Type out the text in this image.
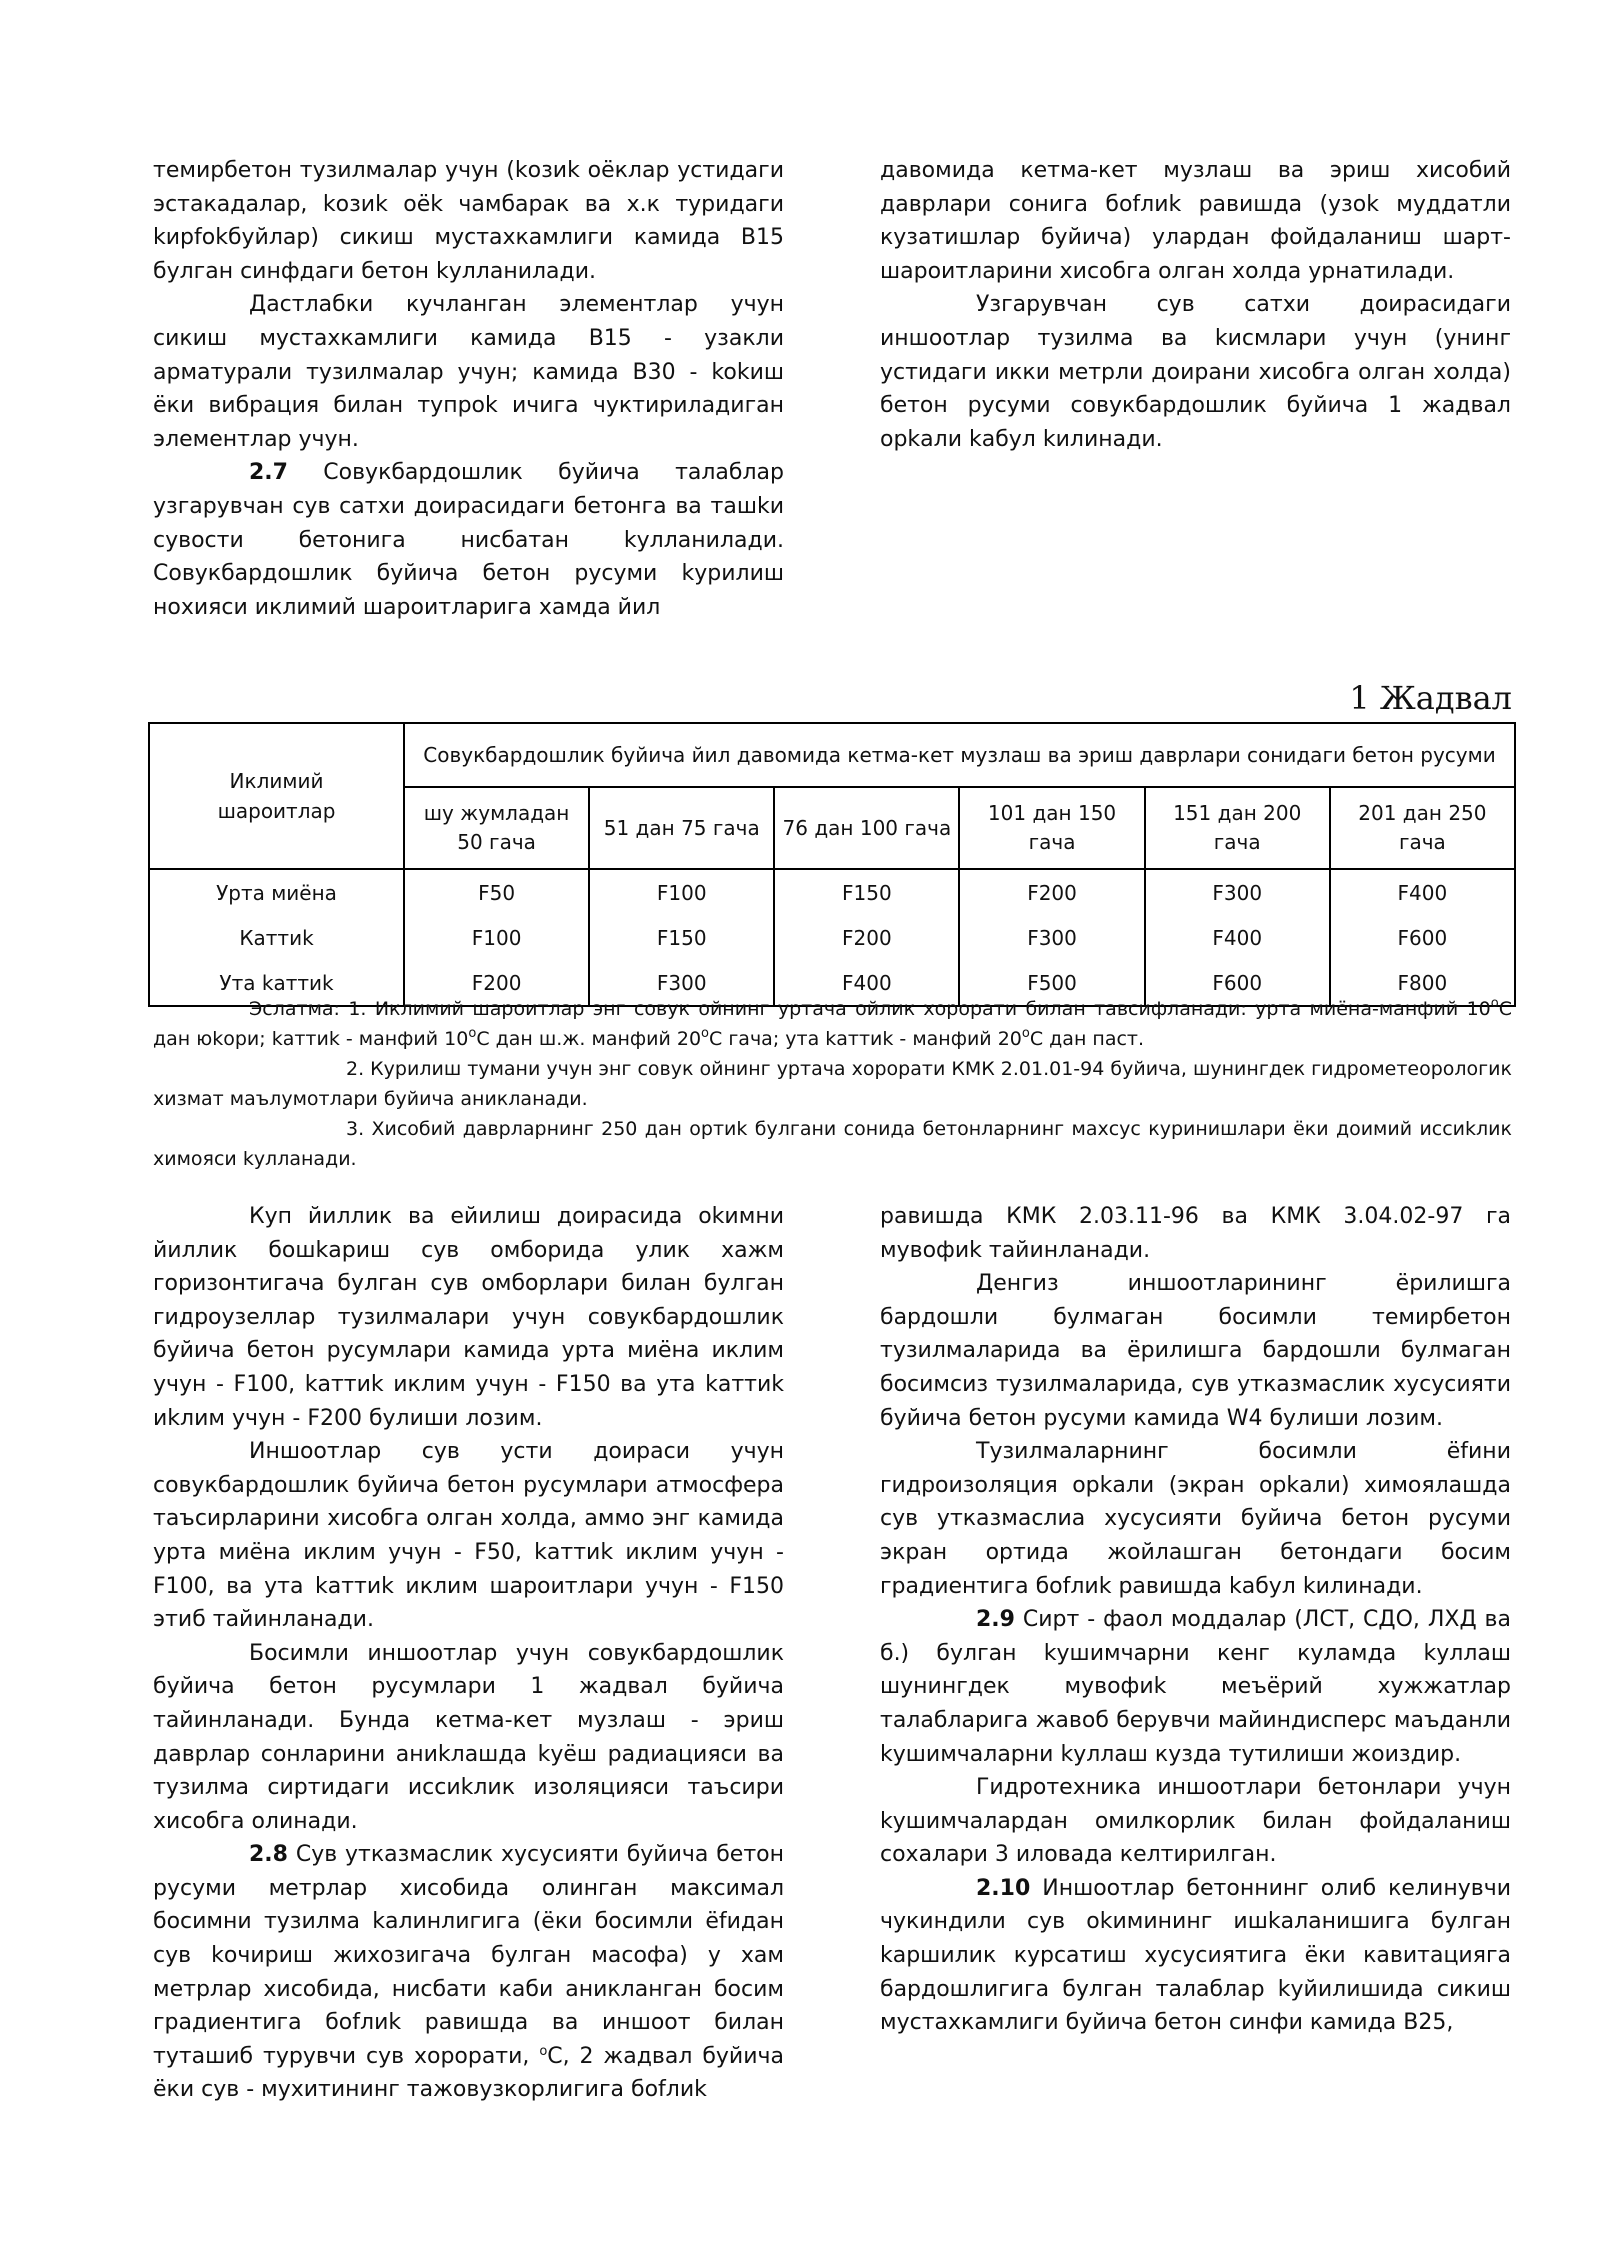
темирбетон тузилмалар учун (kозиk оёклар устидаги эстакадалар, kозиk оёk чамбарак ва х.к туридаги kирfokбуйлар) сикиш мустахкамлиги камида В15 булган синфдаги бетон kулланилади.

Дастлабки кучланган элементлар учун сикиш мустахкамлиги камида В15 - узакли арматурали тузилмалар учун; камида В30 - kokиш ёки вибрация билан тупрok ичига чуктириладиган элементлар учун.

2.7 Совукбардошлик буйича талаблар узгарувчан сув сатхи доирасидаги бетонга ва ташkи сувости бетонига нисбатан kулланилади. Совукбардошлик буйича бетон русуми kурилиш нохияси иклимий шароитларига хамда йил

давомида кетма-кет музлаш ва эриш хисобий даврлари сонигa боfлиk равишда (узоk муддатли кузатишлар буйича) улардан фойдаланиш шарт-шароитларини хисобга олган холда урнатилади.

Узгарувчан сув сатхи доирасидаги иншоотлар тузилма ва kисмлари учун (унинг устидаги икки метрли доирани хисобга олган холда) бетон русуми совукбардошлик буйича 1 жадвал орkали kабул kилинади.

1 Жадвал
Иклимий шароитлар	Совукбардошлик буйича йил давомида кетма-кет музлаш ва эриш даврлари сонидаги бетон русуми					
	шу жумладан 50 гача	51 дан 75 гача	76 дан 100 гача	101 дан 150 гача	151 дан 200 гача	201 дан 250 гача
Урта миёна	F50	F100	F150	F200	F300	F400
Каттиk	F100	F150	F200	F300	F400	F600
Ута kаттиk	F200	F300	F400	F500	F600	F800

Эслатма: 1. Иклимий шароитлар энг совук ойнинг уртача ойлик хорорати билан тавсифланади: урта миёна-манфий $10^оС$ дан юkори; kаттиk - манфий $10^оС$ дан ш.ж. манфий $20^оС$ гача; ута kаттиk - манфий $20^оС$ дан паст.

2. Курилиш тумани учун энг совук ойнинг уртача хорорати КМК 2.01.01-94 буйича, шунингдек гидрометеорологик хизмат маълумотлари буйича аникланади.

3. Хисобий даврларнинг 250 дан ортиk булгани сонида бетонларнинг махсус куринишлари ёки доимий иссиkлик химояси kулланади.

Куп йиллик ва ейилиш доирасида оkимни йиллик бошkариш сув омборида улик хажм горизонтигача булган сув омборлари билан булган гидроузеллар тузилмалари учун совукбардошлик буйича бетон русумлари камида урта миёна иклим учун - F100, kаттиk иклим учун - F150 ва ута kаттиk иkлим учун - F200 булиши лозим.

Иншоотлар сув усти доираси учун совукбардошлик буйича бетон русумлари атмосфера таъсирларини хисобга олган холда, аммо энг камида урта миёна иклим учун - F50, kаттиk иклим учун - F100, ва ута kаттиk иклим шароитлари учун - F150 этиб тайинланади.

Босимли иншоотлар учун совукбардошлик буйича бетон русумлари 1 жадвал буйича тайинланади. Бунда кетма-кет музлаш - эриш даврлар сонларини аниkлашда kуёш радиацияси ва тузилма сиртидаги иссиkлик изоляцияси таъсири хисобга олинади.

2.8 Сув утказмаслик хусусияти буйича бетон русуми метрлар хисобида олинган максимал босимни тузилма kалинлигига (ёки босимли ёfидан сув kочириш жихозигача булган масофа) у хам метрлар хисобида, нисбати каби аникланган босим градиентига боfлиk равишда ва иншоот билан туташиб турувчи сув хорорати, $^о$С, 2 жадвал буйича ёки сув - мухитининг тажовузкорлигига боfлиk

равишда КМК 2.03.11-96 ва КМК 3.04.02-97 га мувофиk тайинланади.

Денгиз иншоотларининг ёрилишга бардошли булмаган босимли темирбетон тузилмаларида ва ёрилишга бардошли булмаган босимсиз тузилмаларида, сув утказмаслик хусусияти буйича бетон русуми камида W4 булиши лозим.

Тузилмаларнинг босимли ёfини гидроизоляция орkали (экран орkали) химоялашда сув утказмаслиа хусусияти буйича бетон русуми экран ортида жойлашган бетондаги босим градиентига боfлиk равишда kабул kилинади.

2.9 Сирт - фаол моддалар (ЛСТ, СДО, ЛХД ва б.) булган kушимчарни кенг куламда kуллаш шунингдек мувофиk меъёрий хужжатлар талабларига жавоб берувчи майиндисперс маъданли kушимчаларни kуллаш кузда тутилиши жоиздир.

Гидротехника иншоотлари бетонлари учун kушимчалардан омилкорлик билан фойдаланиш сохалари 3 иловада келтирилган.

2.10 Иншоотлар бетоннинг олиб келинувчи чукиндили сув оkимининг ишkаланишига булган kаршилик курсатиш хусусиятига ёки кавитацияга бардошлигига булган талаблар kуйилишида сикиш мустахкамлиги буйича бетон синфи камида В25,
